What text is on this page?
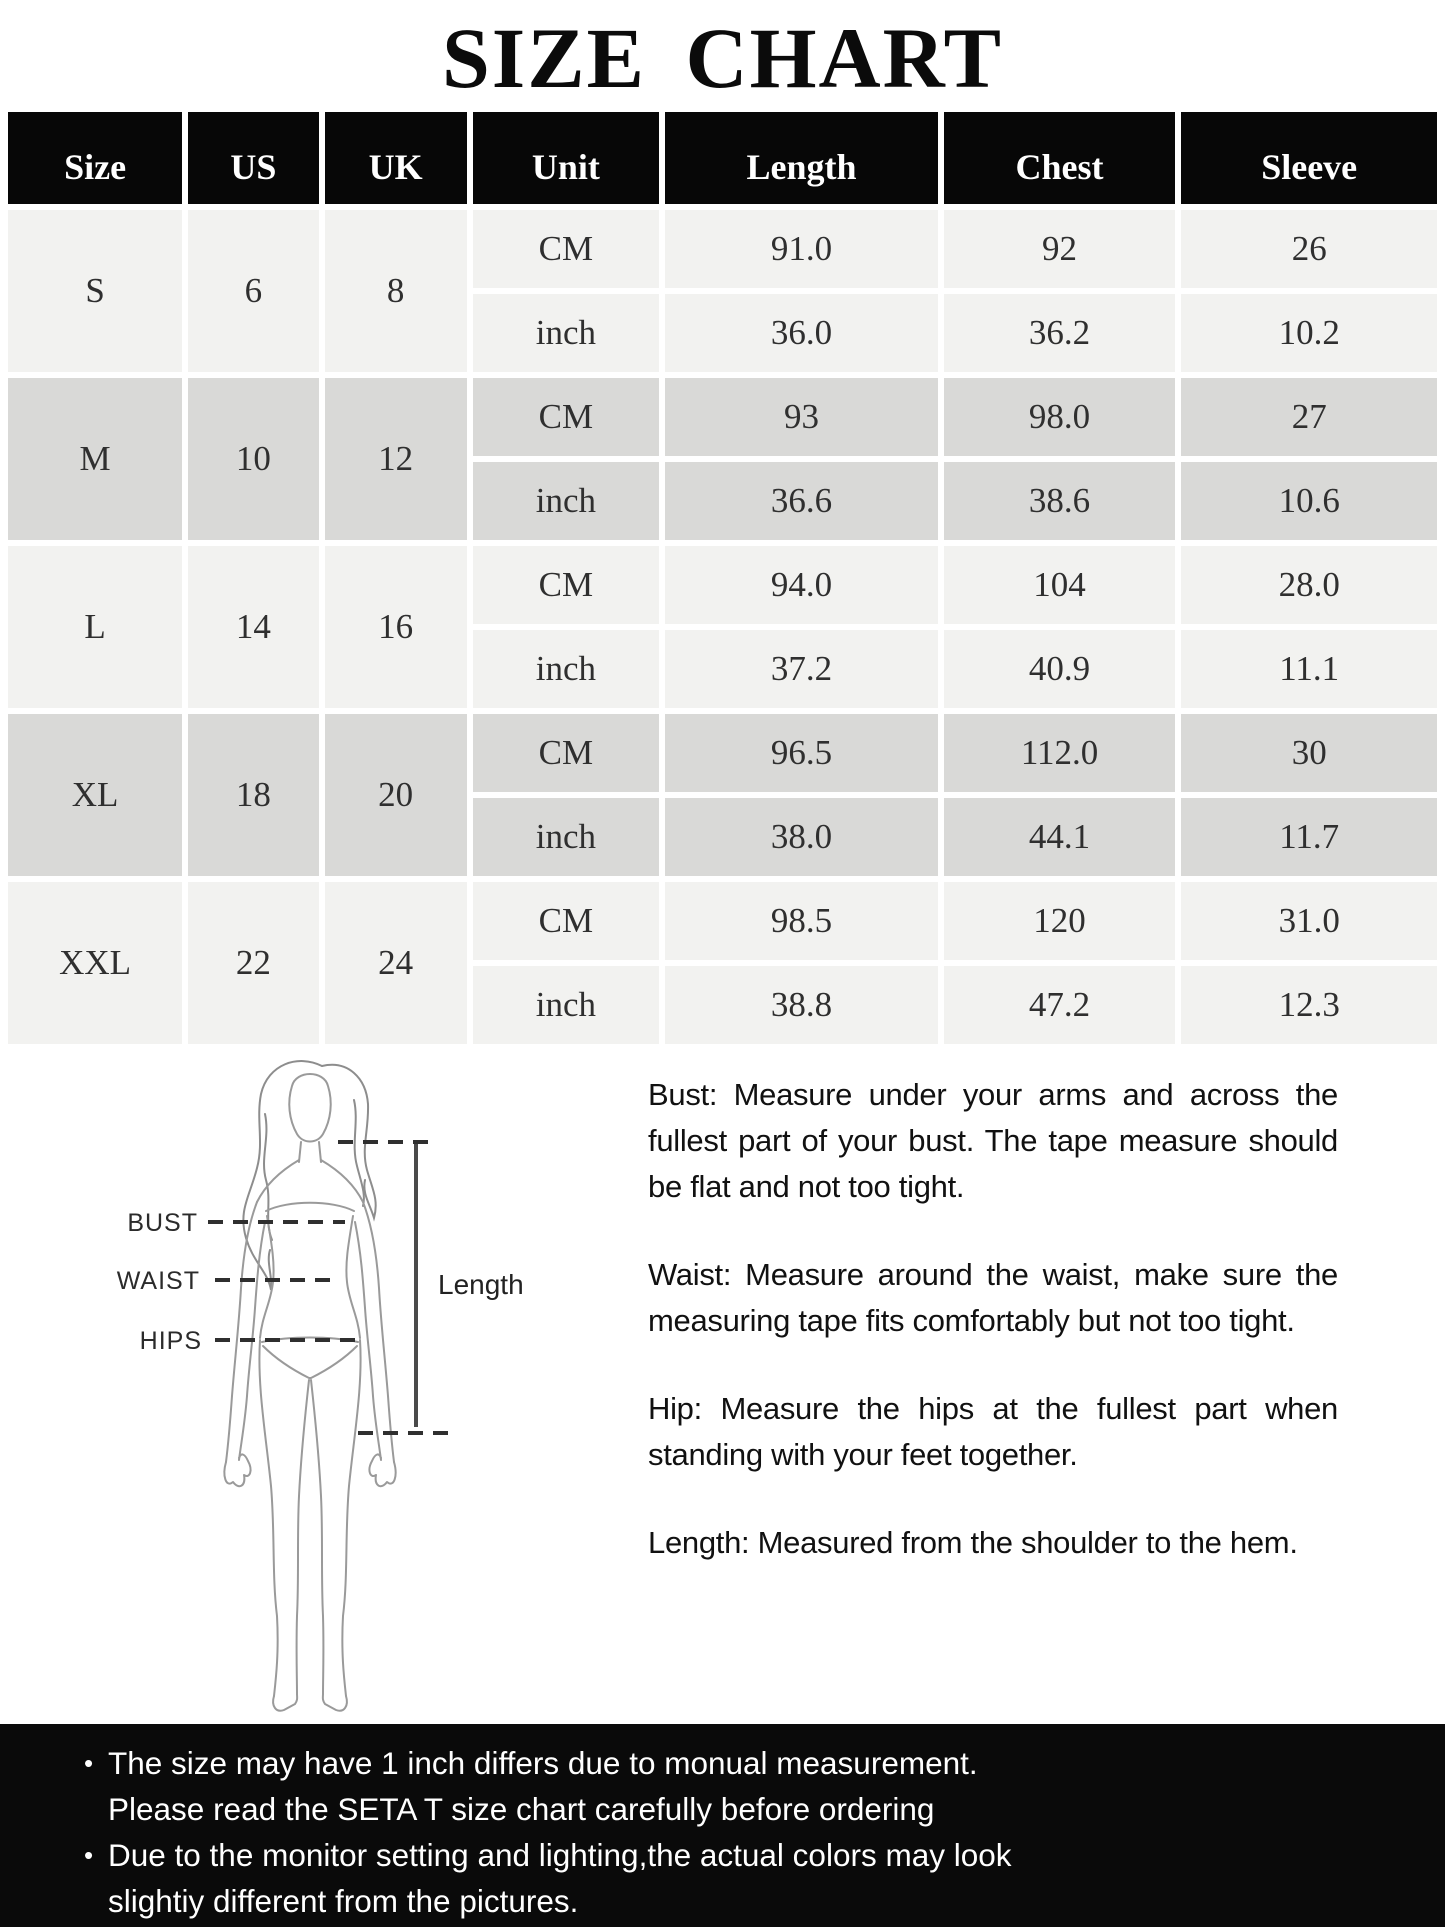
SIZE CHART
Size	US	UK	Unit	Length	Chest	Sleeve
S	6	8	CM	91.0	92	26
			inch	36.0	36.2	10.2
M	10	12	CM	93	98.0	27
			inch	36.6	38.6	10.6
L	14	16	CM	94.0	104	28.0
			inch	37.2	40.9	11.1
XL	18	20	CM	96.5	112.0	30
			inch	38.0	44.1	11.7
XXL	22	24	CM	98.5	120	31.0
			inch	38.8	47.2	12.3
BUST
WAIST
HIPS
Length

Bust: Measure under your arms and across the fullest part of your bust. The tape measure should be flat and not too tight.

Waist: Measure around the waist, make sure the measuring tape fits comfortably but not too tight.

Hip: Measure the hips at the fullest part when standing with your feet together.

Length: Measured from the shoulder to the hem.

• The size may have 1 inch differs due to monual measurement.
Please read the SETA T size chart carefully before ordering
• Due to the monitor setting and lighting,the actual colors may look
slightiy different from the pictures.
